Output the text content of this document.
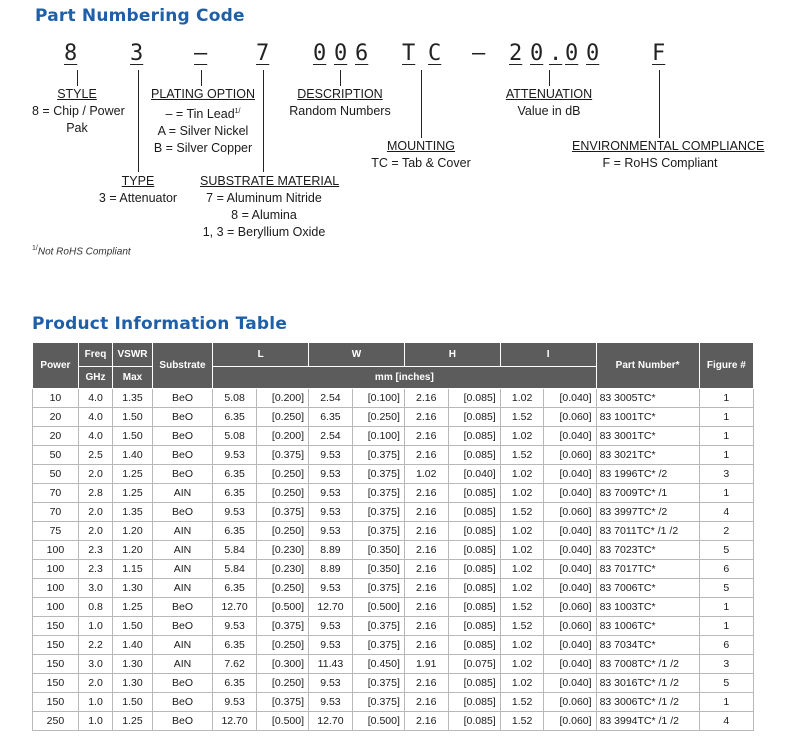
Part Numbering Code
8 3 – 7 0 0 6 T C – 2 0 . 0 0 F
STYLE
8 = Chip / Power
Pak
PLATING OPTION
– = Tin Lead$^{1/}$
A = Silver Nickel
B = Silver Copper
TYPE
3 = Attenuator
SUBSTRATE MATERIAL
7 = Aluminum Nitride
8 = Alumina
1, 3 = Beryllium Oxide
DESCRIPTION
Random Numbers
MOUNTING
TC = Tab & Cover
ATTENUATION
Value in dB
ENVIRONMENTAL COMPLIANCE
F = RoHS Compliant
$^{1/}$Not RoHS Compliant
Product Information Table
Power	Freq	VSWR	Substrate	L		W		H		I		Part Number*	Figure #
	GHz	Max		mm [inches]									
10	4.0	1.35	BeO	5.08	[0.200]	2.54	[0.100]	2.16	[0.085]	1.02	[0.040]	83 3005TC*	1
20	4.0	1.50	BeO	6.35	[0.250]	6.35	[0.250]	2.16	[0.085]	1.52	[0.060]	83 1001TC*	1
20	4.0	1.50	BeO	5.08	[0.200]	2.54	[0.100]	2.16	[0.085]	1.02	[0.040]	83 3001TC*	1
50	2.5	1.40	BeO	9.53	[0.375]	9.53	[0.375]	2.16	[0.085]	1.52	[0.060]	83 3021TC*	1
50	2.0	1.25	BeO	6.35	[0.250]	9.53	[0.375]	1.02	[0.040]	1.02	[0.040]	83 1996TC* /2	3
70	2.8	1.25	AIN	6.35	[0.250]	9.53	[0.375]	2.16	[0.085]	1.02	[0.040]	83 7009TC* /1	1
70	2.0	1.35	BeO	9.53	[0.375]	9.53	[0.375]	2.16	[0.085]	1.52	[0.060]	83 3997TC* /2	4
75	2.0	1.20	AIN	6.35	[0.250]	9.53	[0.375]	2.16	[0.085]	1.02	[0.040]	83 7011TC* /1 /2	2
100	2.3	1.20	AIN	5.84	[0.230]	8.89	[0.350]	2.16	[0.085]	1.02	[0.040]	83 7023TC*	5
100	2.3	1.15	AIN	5.84	[0.230]	8.89	[0.350]	2.16	[0.085]	1.02	[0.040]	83 7017TC*	6
100	3.0	1.30	AIN	6.35	[0.250]	9.53	[0.375]	2.16	[0.085]	1.02	[0.040]	83 7006TC*	5
100	0.8	1.25	BeO	12.70	[0.500]	12.70	[0.500]	2.16	[0.085]	1.52	[0.060]	83 1003TC*	1
150	1.0	1.50	BeO	9.53	[0.375]	9.53	[0.375]	2.16	[0.085]	1.52	[0.060]	83 1006TC*	1
150	2.2	1.40	AIN	6.35	[0.250]	9.53	[0.375]	2.16	[0.085]	1.02	[0.040]	83 7034TC*	6
150	3.0	1.30	AIN	7.62	[0.300]	11.43	[0.450]	1.91	[0.075]	1.02	[0.040]	83 7008TC* /1 /2	3
150	2.0	1.30	BeO	6.35	[0.250]	9.53	[0.375]	2.16	[0.085]	1.02	[0.040]	83 3016TC* /1 /2	5
150	1.0	1.50	BeO	9.53	[0.375]	9.53	[0.375]	2.16	[0.085]	1.52	[0.060]	83 3006TC* /1 /2	1
250	1.0	1.25	BeO	12.70	[0.500]	12.70	[0.500]	2.16	[0.085]	1.52	[0.060]	83 3994TC* /1 /2	4
